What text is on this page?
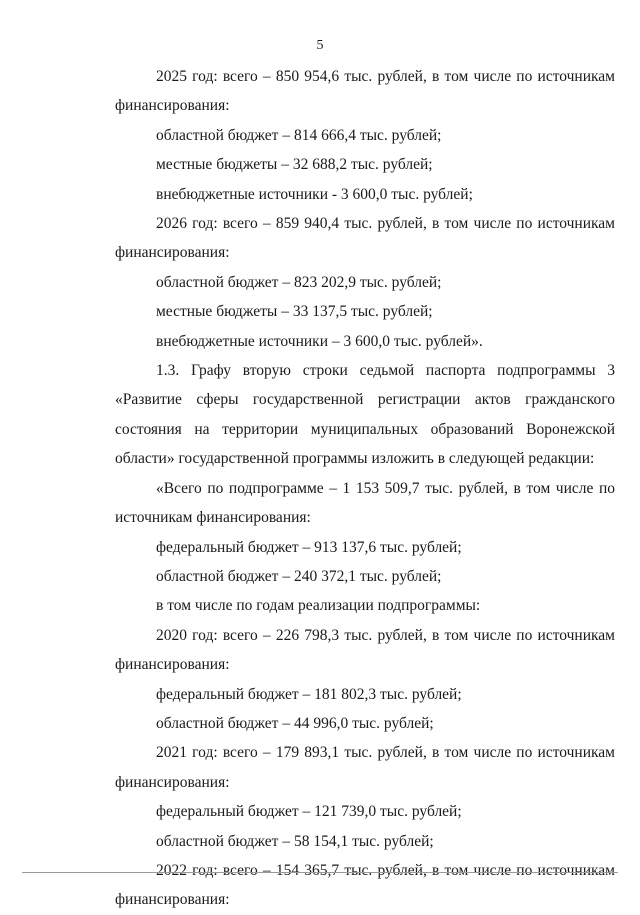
5

2025 год: всего – 850 954,6 тыс. рублей, в том числе по источникам финансирования:

областной бюджет – 814 666,4 тыс. рублей;

местные бюджеты – 32 688,2 тыс. рублей;

внебюджетные источники - 3 600,0 тыс. рублей;

2026 год: всего – 859 940,4 тыс. рублей, в том числе по источникам финансирования:

областной бюджет – 823 202,9 тыс. рублей;

местные бюджеты – 33 137,5 тыс. рублей;

внебюджетные источники – 3 600,0 тыс. рублей».

1.3. Графу вторую строки седьмой паспорта подпрограммы 3 «Развитие сферы государственной регистрации актов гражданского состояния на территории муниципальных образований Воронежской области» государственной программы изложить в следующей редакции:

«Всего по подпрограмме – 1 153 509,7 тыс. рублей, в том числе по источникам финансирования:

федеральный бюджет – 913 137,6 тыс. рублей;

областной бюджет – 240 372,1 тыс. рублей;

в том числе по годам реализации подпрограммы:

2020 год: всего – 226 798,3 тыс. рублей, в том числе по источникам финансирования:

федеральный бюджет – 181 802,3 тыс. рублей;

областной бюджет – 44 996,0 тыс. рублей;

2021 год: всего – 179 893,1 тыс. рублей, в том числе по источникам финансирования:

федеральный бюджет – 121 739,0 тыс. рублей;

областной бюджет – 58 154,1 тыс. рублей;

2022 год: всего – 154 365,7 тыс. рублей, в том числе по источникам финансирования:
